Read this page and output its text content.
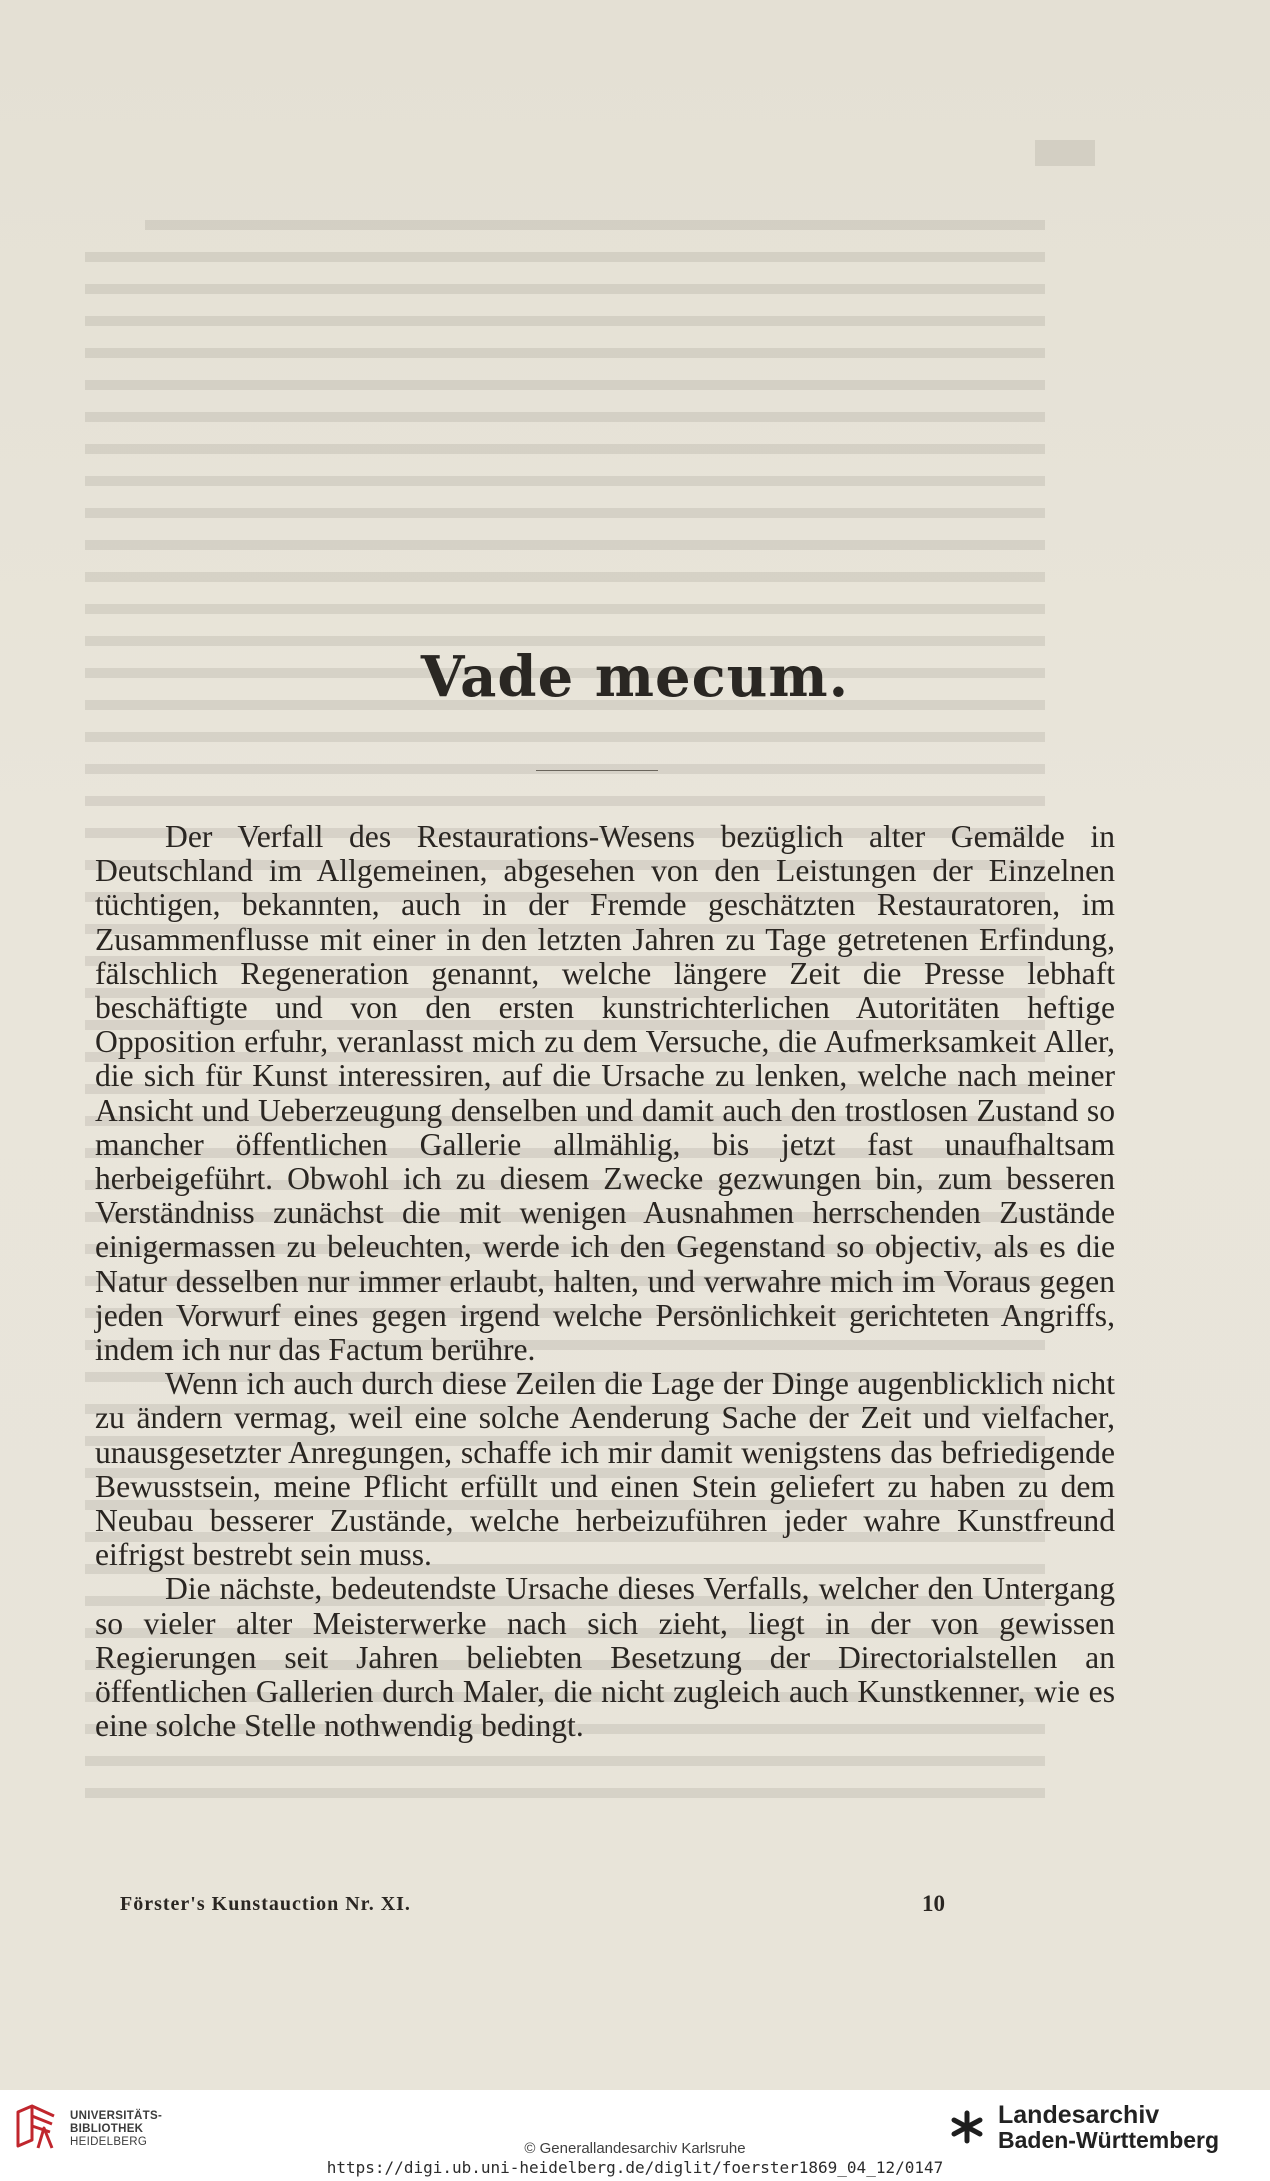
Vade mecum.

Der Verfall des Restaurations-Wesens bezüglich alter Gemälde in Deutschland im Allgemeinen, abgesehen von den Leistungen der Einzelnen tüchtigen, bekannten, auch in der Fremde geschätzten Restauratoren, im Zusammenflusse mit einer in den letzten Jahren zu Tage getretenen Erfindung, fälschlich Regeneration genannt, welche längere Zeit die Presse lebhaft beschäftigte und von den ersten kunstrichterlichen Autoritäten heftige Opposition erfuhr, veranlasst mich zu dem Versuche, die Aufmerksamkeit Aller, die sich für Kunst interessiren, auf die Ursache zu lenken, welche nach meiner Ansicht und Ueberzeugung denselben und damit auch den trostlosen Zustand so mancher öffentlichen Gallerie allmählig, bis jetzt fast unaufhaltsam herbeigeführt. Obwohl ich zu diesem Zwecke gezwungen bin, zum besseren Verständniss zunächst die mit wenigen Ausnahmen herrschenden Zustände einigermassen zu beleuchten, werde ich den Gegenstand so objectiv, als es die Natur desselben nur immer erlaubt, halten, und verwahre mich im Voraus gegen jeden Vorwurf eines gegen irgend welche Persönlichkeit gerichteten Angriffs, indem ich nur das Factum berühre.

Wenn ich auch durch diese Zeilen die Lage der Dinge augenblicklich nicht zu ändern vermag, weil eine solche Aenderung Sache der Zeit und vielfacher, unausgesetzter Anregungen, schaffe ich mir damit wenigstens das befriedigende Bewusstsein, meine Pflicht erfüllt und einen Stein geliefert zu haben zu dem Neubau besserer Zustände, welche herbeizuführen jeder wahre Kunstfreund eifrigst bestrebt sein muss.

Die nächste, bedeutendste Ursache dieses Verfalls, welcher den Untergang so vieler alter Meisterwerke nach sich zieht, liegt in der von gewissen Regierungen seit Jahren beliebten Besetzung der Directorialstellen an öffentlichen Gallerien durch Maler, die nicht zugleich auch Kunstkenner, wie es eine solche Stelle nothwendig bedingt.

Förster's Kunstauction Nr. XI.	10
UNIVERSITÄTS-
BIBLIOTHEK
HEIDELBERG	© Generallandesarchiv Karlsruhe
https://digi.ub.uni-heidelberg.de/diglit/foerster1869_04_12/0147
Landesarchiv
Baden-Württemberg
